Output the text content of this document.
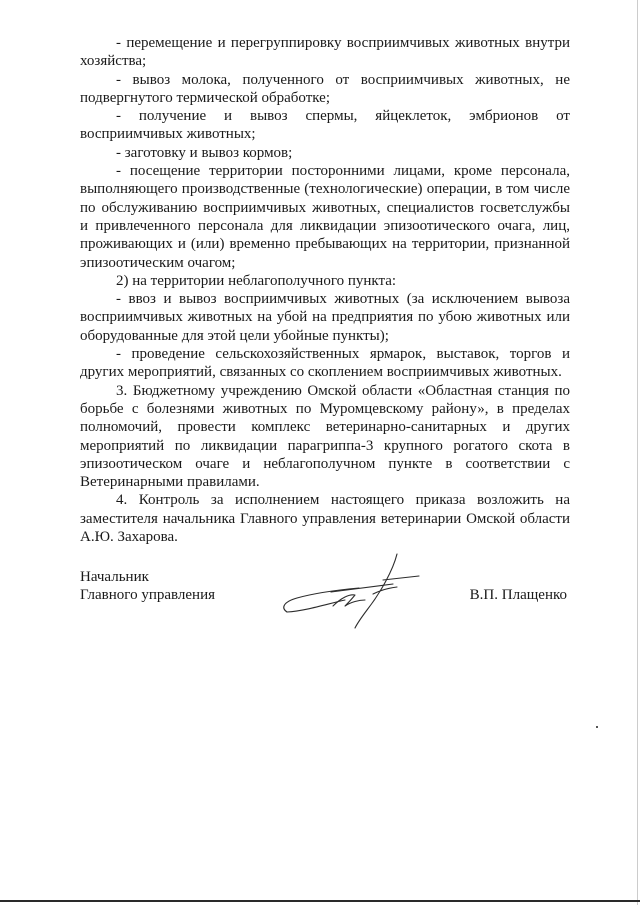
- перемещение и перегруппировку восприимчивых животных внутри хозяйства;

- вывоз молока, полученного от восприимчивых животных, не подвергнутого термической обработке;

- получение и вывоз спермы, яйцеклеток, эмбрионов от восприимчивых животных;

- заготовку и вывоз кормов;

- посещение территории посторонними лицами, кроме персонала, выполняющего производственные (технологические) операции, в том числе по обслуживанию восприимчивых животных, специалистов госветслужбы и привлеченного персонала для ликвидации эпизоотического очага, лиц, проживающих и (или) временно пребывающих на территории, признанной эпизоотическим очагом;

2) на территории неблагополучного пункта:

- ввоз и вывоз восприимчивых животных (за исключением вывоза восприимчивых животных на убой на предприятия по убою животных или оборудованные для этой цели убойные пункты);

- проведение сельскохозяйственных ярмарок, выставок, торгов и других мероприятий, связанных со скоплением восприимчивых животных.

3. Бюджетному учреждению Омской области «Областная станция по борьбе с болезнями животных по Муромцевскому району», в пределах полномочий, провести комплекс ветеринарно-санитарных и других мероприятий по ликвидации парагриппа-3 крупного рогатого скота в эпизоотическом очаге и неблагополучном пункте в соответствии с Ветеринарными правилами.

4. Контроль за исполнением настоящего приказа возложить на заместителя начальника Главного управления ветеринарии Омской области А.Ю. Захарова.

Начальник
Главного управления	В.П. Плащенко
